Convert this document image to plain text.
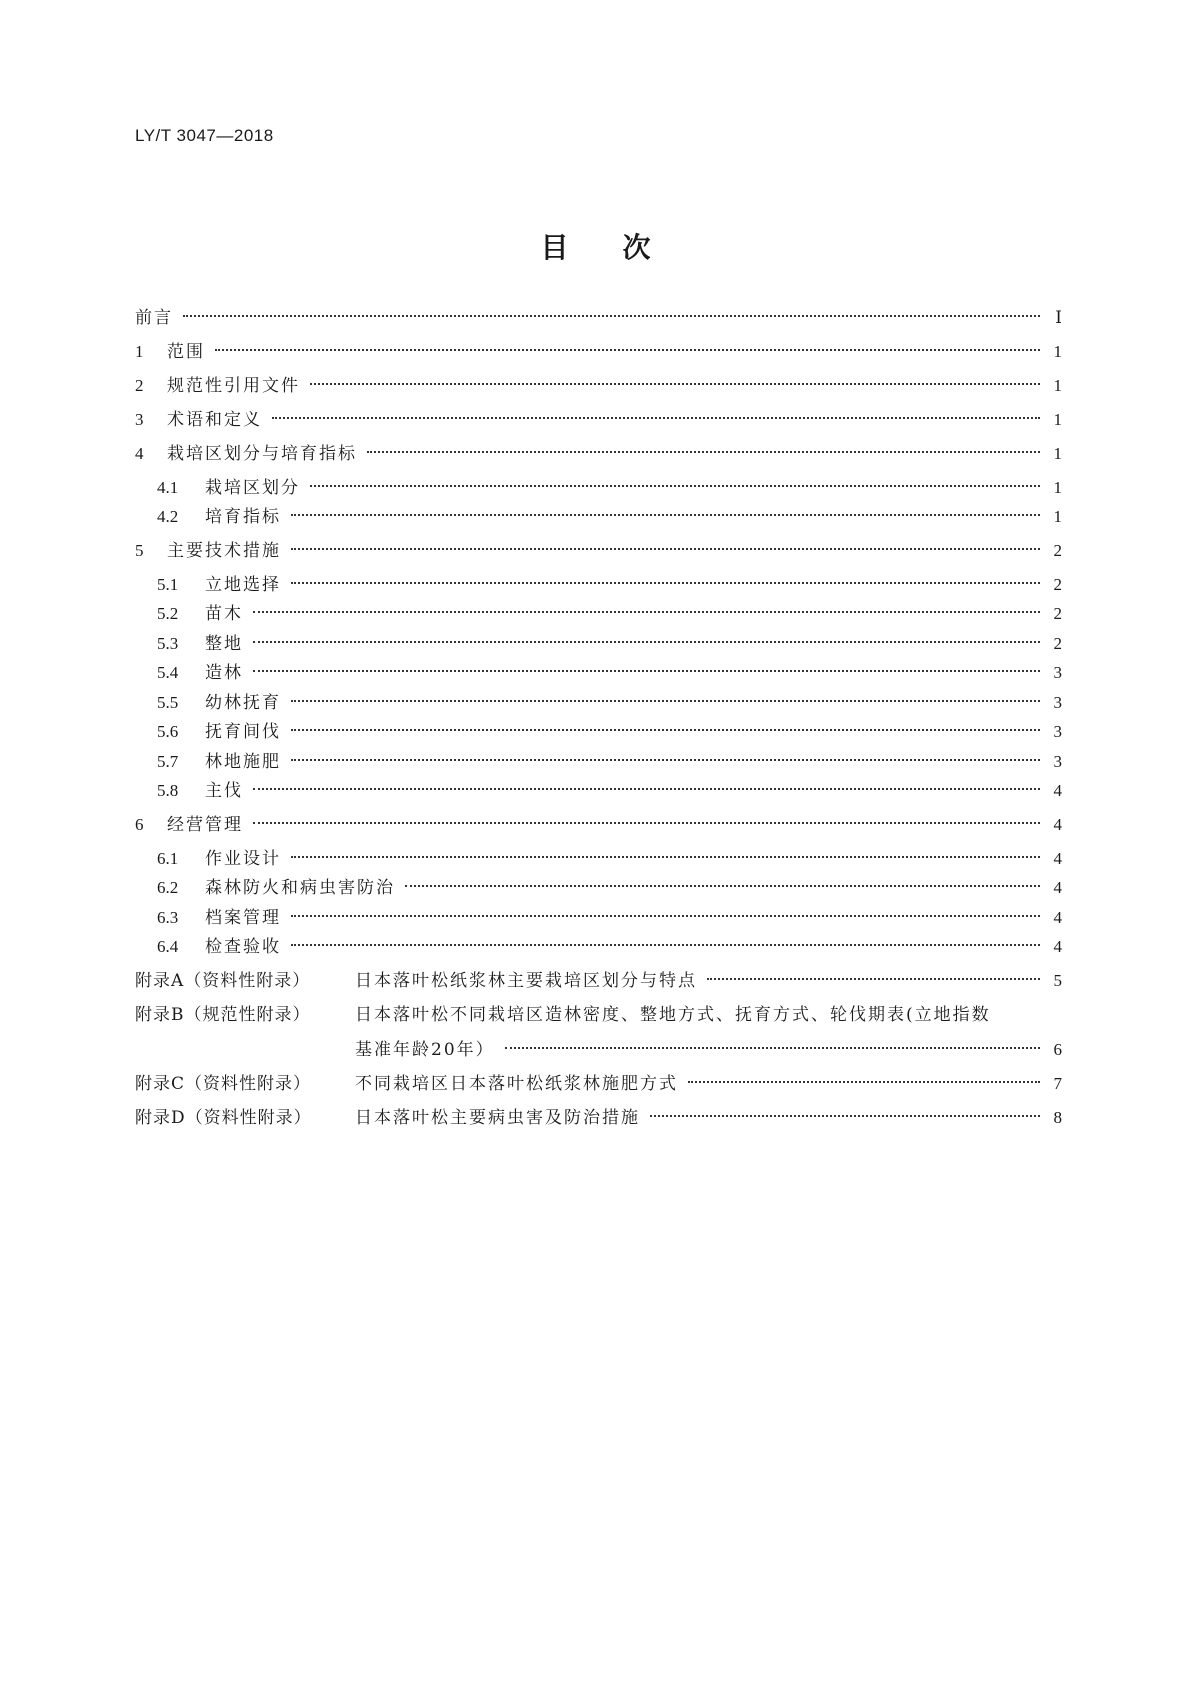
LY/T 3047—2018
目次
前言	Ⅰ
1	范围	1
2	规范性引用文件	1
3	术语和定义	1
4	栽培区划分与培育指标	1
4.1	栽培区划分	1
4.2	培育指标	1
5	主要技术措施	2
5.1	立地选择	2
5.2	苗木	2
5.3	整地	2
5.4	造林	3
5.5	幼林抚育	3
5.6	抚育间伐	3
5.7	林地施肥	3
5.8	主伐	4
6	经营管理	4
6.1	作业设计	4
6.2	森林防火和病虫害防治	4
6.3	档案管理	4
6.4	检查验收	4
附录A（资料性附录）	日本落叶松纸浆林主要栽培区划分与特点	5
附录B（规范性附录）	日本落叶松不同栽培区造林密度、整地方式、抚育方式、轮伐期表(立地指数
基准年龄20年）	6
附录C（资料性附录）	不同栽培区日本落叶松纸浆林施肥方式	7
附录D（资料性附录）	日本落叶松主要病虫害及防治措施	8
